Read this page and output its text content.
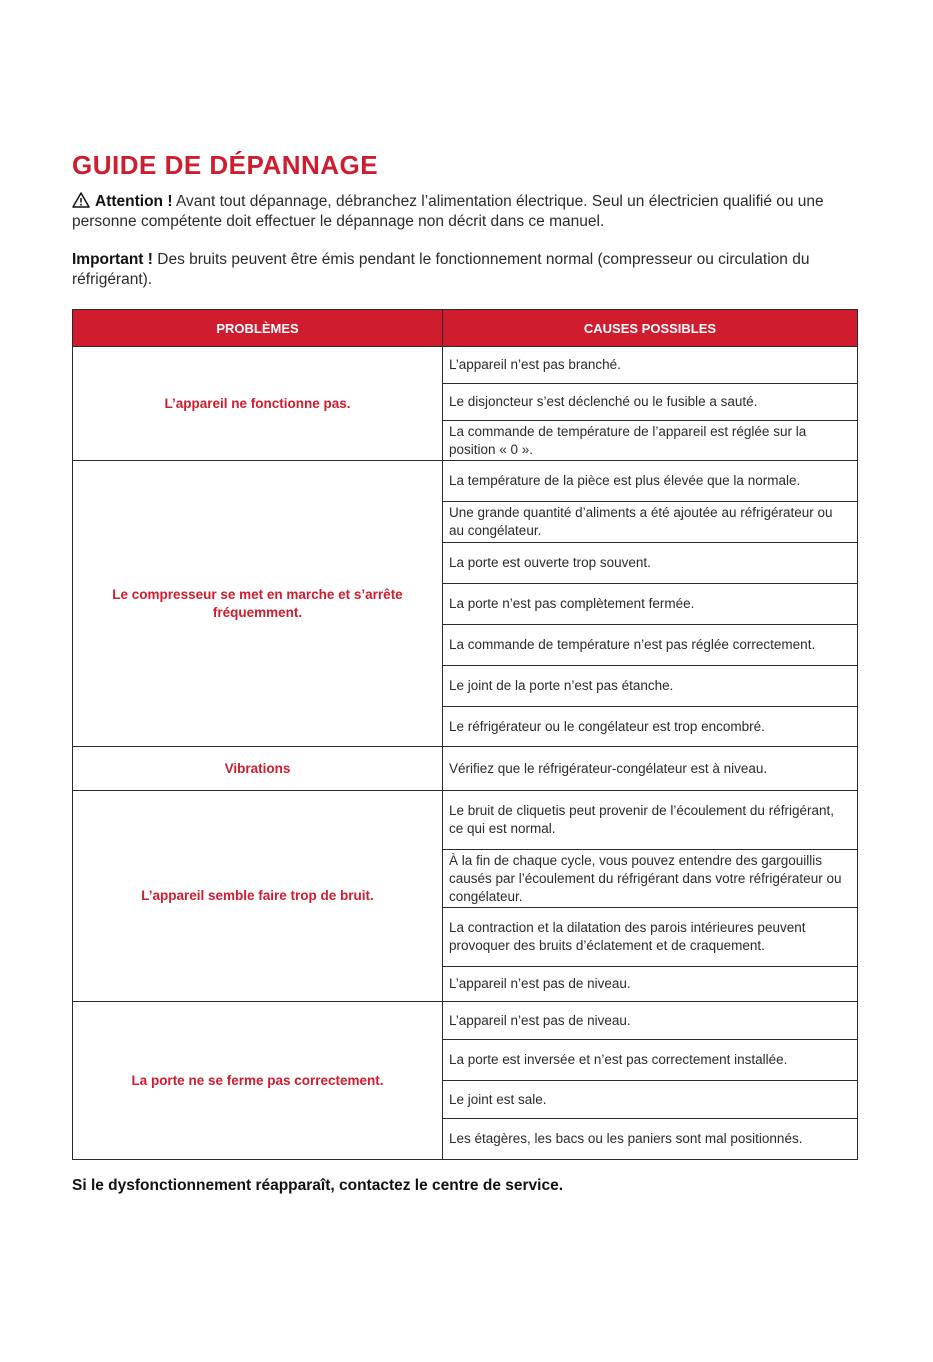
GUIDE DE DÉPANNAGE

Attention ! Avant tout dépannage, débranchez l’alimentation électrique. Seul un électricien qualifié ou une personne compétente doit effectuer le dépannage non décrit dans ce manuel.

Important ! Des bruits peuvent être émis pendant le fonctionnement normal (compresseur ou circulation du réfrigérant).

PROBLÈMES	CAUSES POSSIBLES
L’appareil ne fonctionne pas.	L’appareil n’est pas branché.
	Le disjoncteur s’est déclenché ou le fusible a sauté.
	La commande de température de l’appareil est réglée sur la position « 0 ».
Le compresseur se met en marche et s’arrête fréquemment.	La température de la pièce est plus élevée que la normale.
	Une grande quantité d’aliments a été ajoutée au réfrigérateur ou au congélateur.
	La porte est ouverte trop souvent.
	La porte n’est pas complètement fermée.
	La commande de température n’est pas réglée correctement.
	Le joint de la porte n’est pas étanche.
	Le réfrigérateur ou le congélateur est trop encombré.
Vibrations	Vérifiez que le réfrigérateur-congélateur est à niveau.
L’appareil semble faire trop de bruit.	Le bruit de cliquetis peut provenir de l’écoulement du réfrigérant, ce qui est normal.
	À la fin de chaque cycle, vous pouvez entendre des gargouillis causés par l’écoulement du réfrigérant dans votre réfrigérateur ou congélateur.
	La contraction et la dilatation des parois intérieures peuvent provoquer des bruits d’éclatement et de craquement.
	L’appareil n’est pas de niveau.
La porte ne se ferme pas correctement.	L’appareil n’est pas de niveau.
	La porte est inversée et n’est pas correctement installée.
	Le joint est sale.
	Les étagères, les bacs ou les paniers sont mal positionnés.

Si le dysfonctionnement réapparaît, contactez le centre de service.
